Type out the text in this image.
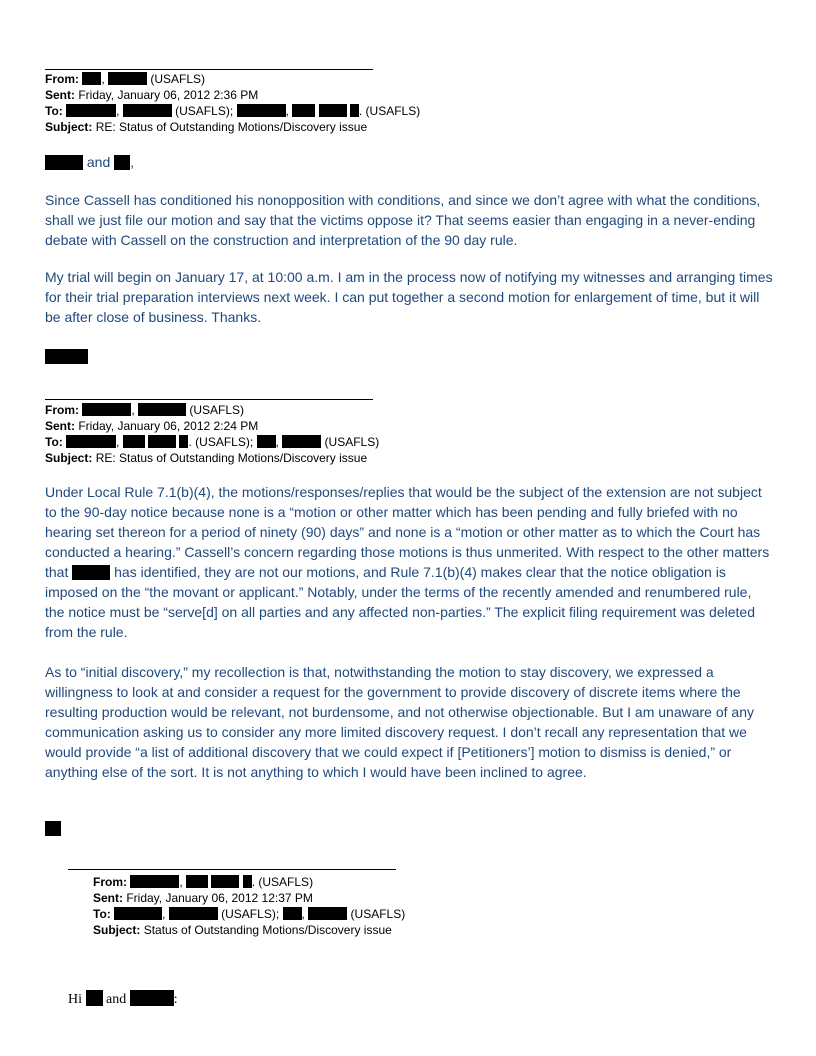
From: ,	(USAFLS)
Sent: Friday, January 06, 2012 2:36 PM
To:	,	(USAFLS);	,	. (USAFLS)
Subject: RE: Status of Outstanding Motions/Discovery issue

and ,

Since Cassell has conditioned his nonopposition with conditions, and since we don’t agree with what the conditions, shall we just file our motion and say that the victims oppose it? That seems easier than engaging in a never-ending debate with Cassell on the construction and interpretation of the 90 day rule.

My trial will begin on January 17, at 10:00 a.m. I am in the process now of notifying my witnesses and arranging times for their trial preparation interviews next week. I can put together a second motion for enlargement of time, but it will be after close of business. Thanks.

From:	,	(USAFLS)
Sent: Friday, January 06, 2012 2:24 PM
To:	,	. (USAFLS); ,	(USAFLS)
Subject: RE: Status of Outstanding Motions/Discovery issue

Under Local Rule 7.1(b)(4), the motions/responses/replies that would be the subject of the extension are not subject to the 90-day notice because none is a “motion or other matter which has been pending and fully briefed with no hearing set thereon for a period of ninety (90) days” and none is a “motion or other matter as to which the Court has conducted a hearing.” Cassell’s concern regarding those motions is thus unmerited. With respect to the other matters that	has identified, they are not our motions, and Rule 7.1(b)(4) makes clear that the notice obligation is imposed on the “the movant or applicant.” Notably, under the terms of the recently amended and renumbered rule, the notice must be “serve[d] on all parties and any affected non-parties.” The explicit filing requirement was deleted from the rule.

As to “initial discovery,” my recollection is that, notwithstanding the motion to stay discovery, we expressed a willingness to look at and consider a request for the government to provide discovery of discrete items where the resulting production would be relevant, not burdensome, and not otherwise objectionable. But I am unaware of any communication asking us to consider any more limited discovery request. I don’t recall any representation that we would provide “a list of additional discovery that we could expect if [Petitioners’] motion to dismiss is denied,” or anything else of the sort. It is not anything to which I would have been inclined to agree.

From:	,	. (USAFLS)
Sent: Friday, January 06, 2012 12:37 PM
To:	,	(USAFLS); ,	(USAFLS)
Subject: Status of Outstanding Motions/Discovery issue
Hi and	:
